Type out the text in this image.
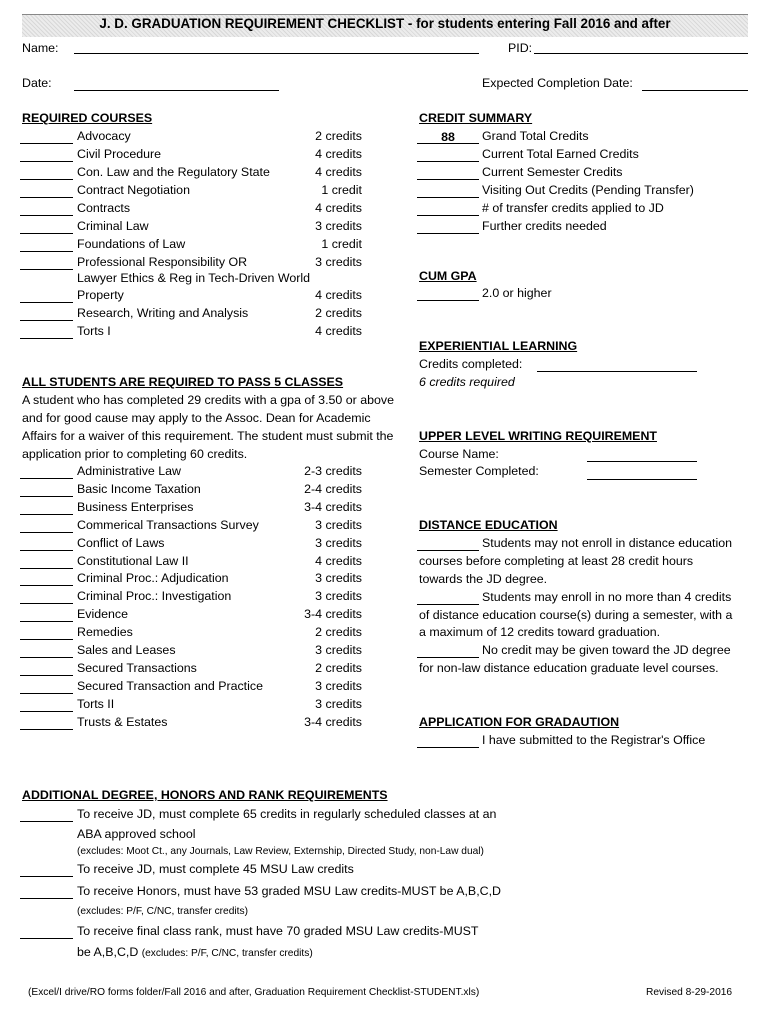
J. D. GRADUATION REQUIREMENT CHECKLIST - for students entering Fall 2016 and after
Name:	PID:
Date:	Expected Completion Date:
REQUIRED COURSES
Advocacy	2 credits
Civil Procedure	4 credits
Con. Law and the Regulatory State	4 credits
Contract Negotiation	1 credit
Contracts	4 credits
Criminal Law	3 credits
Foundations of Law	1 credit
Professional Responsibility OR	3 credits
Lawyer Ethics & Reg in Tech-Driven World
Property	4 credits
Research, Writing and Analysis	2 credits
Torts I	4 credits
ALL STUDENTS ARE REQUIRED TO PASS 5 CLASSES
A student who has completed 29 credits with a gpa of 3.50 or above
and for good cause may apply to the Assoc. Dean for Academic
Affairs for a waiver of this requirement. The student must submit the
application prior to completing 60 credits.
Administrative Law	2-3 credits
Basic Income Taxation	2-4 credits
Business Enterprises	3-4 credits
Commerical Transactions Survey	3 credits
Conflict of Laws	3 credits
Constitutional Law II	4 credits
Criminal Proc.: Adjudication	3 credits
Criminal Proc.: Investigation	3 credits
Evidence	3-4 credits
Remedies	2 credits
Sales and Leases	3 credits
Secured Transactions	2 credits
Secured Transaction and Practice	3 credits
Torts II	3 credits
Trusts & Estates	3-4 credits
CREDIT SUMMARY
88	Grand Total Credits
Current Total Earned Credits
Current Semester Credits
Visiting Out Credits (Pending Transfer)
# of transfer credits applied to JD
Further credits needed
CUM GPA
2.0 or higher
EXPERIENTIAL LEARNING
Credits completed:
6 credits required
UPPER LEVEL WRITING REQUIREMENT
Course Name:
Semester Completed:
DISTANCE EDUCATION
Students may not enroll in distance education
courses before completing at least 28 credit hours
towards the JD degree.
Students may enroll in no more than 4 credits
of distance education course(s) during a semester, with a
a maximum of 12 credits toward graduation.
No credit may be given toward the JD degree
for non-law distance education graduate level courses.
APPLICATION FOR GRADAUTION
I have submitted to the Registrar's Office
ADDITIONAL DEGREE, HONORS AND RANK REQUIREMENTS
To receive JD, must complete 65 credits in regularly scheduled classes at an
ABA approved school
(excludes: Moot Ct., any Journals, Law Review, Externship, Directed Study, non-Law dual)
To receive JD, must complete 45 MSU Law credits
To receive Honors, must have 53 graded MSU Law credits-MUST be A,B,C,D
(excludes: P/F, C/NC, transfer credits)
To receive final class rank, must have 70 graded MSU Law credits-MUST
be A,B,C,D (excludes: P/F, C/NC, transfer credits)
(Excel/I drive/RO forms folder/Fall 2016 and after, Graduation Requirement Checklist-STUDENT.xls)	Revised 8-29-2016
